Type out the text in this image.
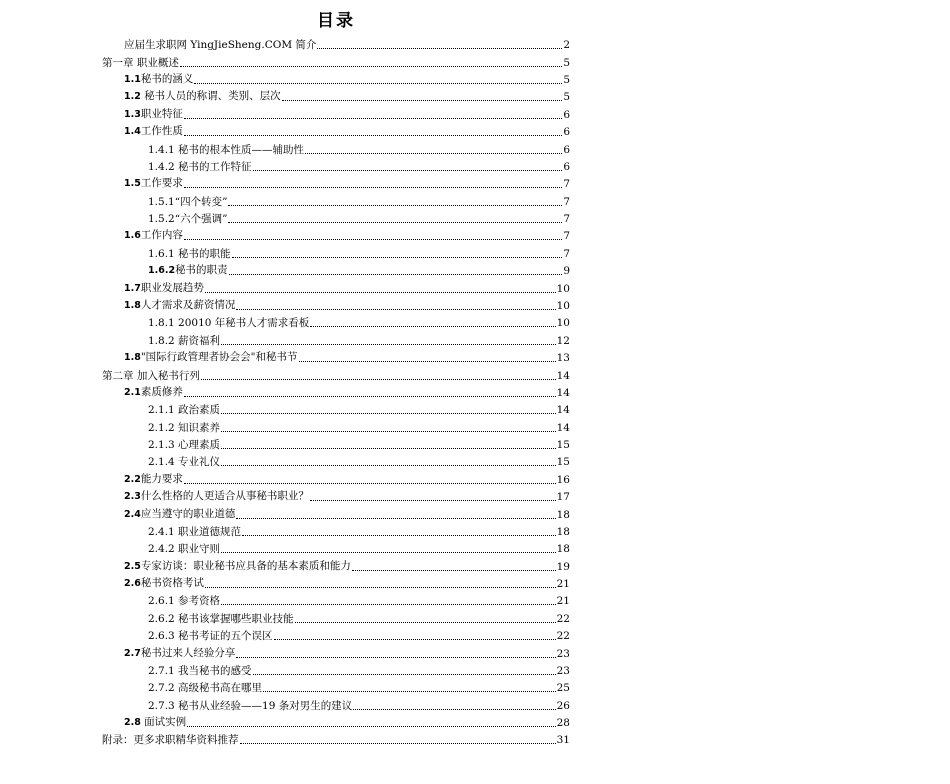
目录
应届生求职网 YingJieSheng.COM 简介	2
第一章 职业概述	5
1.1秘书的涵义	5
1.2 秘书人员的称谓、类别、层次	5
1.3职业特征	6
1.4工作性质	6
1.4.1 秘书的根本性质——辅助性	6
1.4.2 秘书的工作特征	6
1.5工作要求	7
1.5.1“四个转变”	7
1.5.2“六个强调”	7
1.6工作内容	7
1.6.1 秘书的职能	7
1.6.2秘书的职责	9
1.7职业发展趋势	10
1.8人才需求及薪资情况	10
1.8.1 20010 年秘书人才需求看板	10
1.8.2 薪资福利	12
1.8"国际行政管理者协会会"和秘书节	13
第二章 加入秘书行列	14
2.1素质修养	14
2.1.1 政治素质	14
2.1.2 知识素养	14
2.1.3 心理素质	15
2.1.4 专业礼仪	15
2.2能力要求	16
2.3什么性格的人更适合从事秘书职业？	17
2.4应当遵守的职业道德	18
2.4.1 职业道德规范	18
2.4.2 职业守则	18
2.5专家访谈：职业秘书应具备的基本素质和能力	19
2.6秘书资格考试	21
2.6.1 参考资格	21
2.6.2 秘书该掌握哪些职业技能	22
2.6.3 秘书考证的五个误区	22
2.7秘书过来人经验分享	23
2.7.1 我当秘书的感受	23
2.7.2 高级秘书高在哪里	25
2.7.3 秘书从业经验——19 条对男生的建议	26
2.8 面试实例	28
附录：更多求职精华资料推荐	31
